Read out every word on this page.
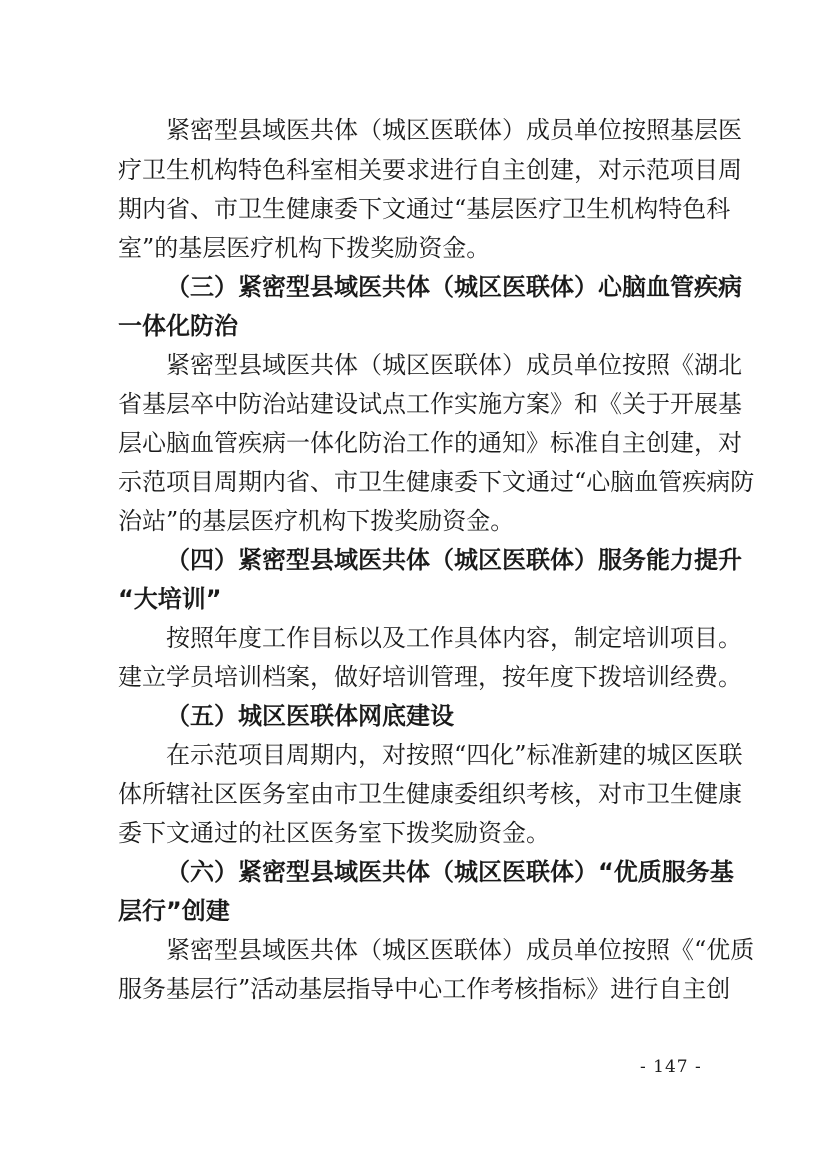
紧密型县域医共体（城区医联体）成员单位按照基层医
疗卫生机构特色科室相关要求进行自主创建，对示范项目周
期内省、市卫生健康委下文通过“基层医疗卫生机构特色科
室”的基层医疗机构下拨奖励资金。
（三）紧密型县域医共体（城区医联体）心脑血管疾病
一体化防治
紧密型县域医共体（城区医联体）成员单位按照《湖北
省基层卒中防治站建设试点工作实施方案》和《关于开展基
层心脑血管疾病一体化防治工作的通知》标准自主创建，对
示范项目周期内省、市卫生健康委下文通过“心脑血管疾病防
治站”的基层医疗机构下拨奖励资金。
（四）紧密型县域医共体（城区医联体）服务能力提升
“大培训”
按照年度工作目标以及工作具体内容，制定培训项目。
建立学员培训档案，做好培训管理，按年度下拨培训经费。
（五）城区医联体网底建设
在示范项目周期内，对按照“四化”标准新建的城区医联
体所辖社区医务室由市卫生健康委组织考核，对市卫生健康
委下文通过的社区医务室下拨奖励资金。
（六）紧密型县域医共体（城区医联体）“优质服务基
层行”创建
紧密型县域医共体（城区医联体）成员单位按照《“优质
服务基层行”活动基层指导中心工作考核指标》进行自主创
- 147 -
